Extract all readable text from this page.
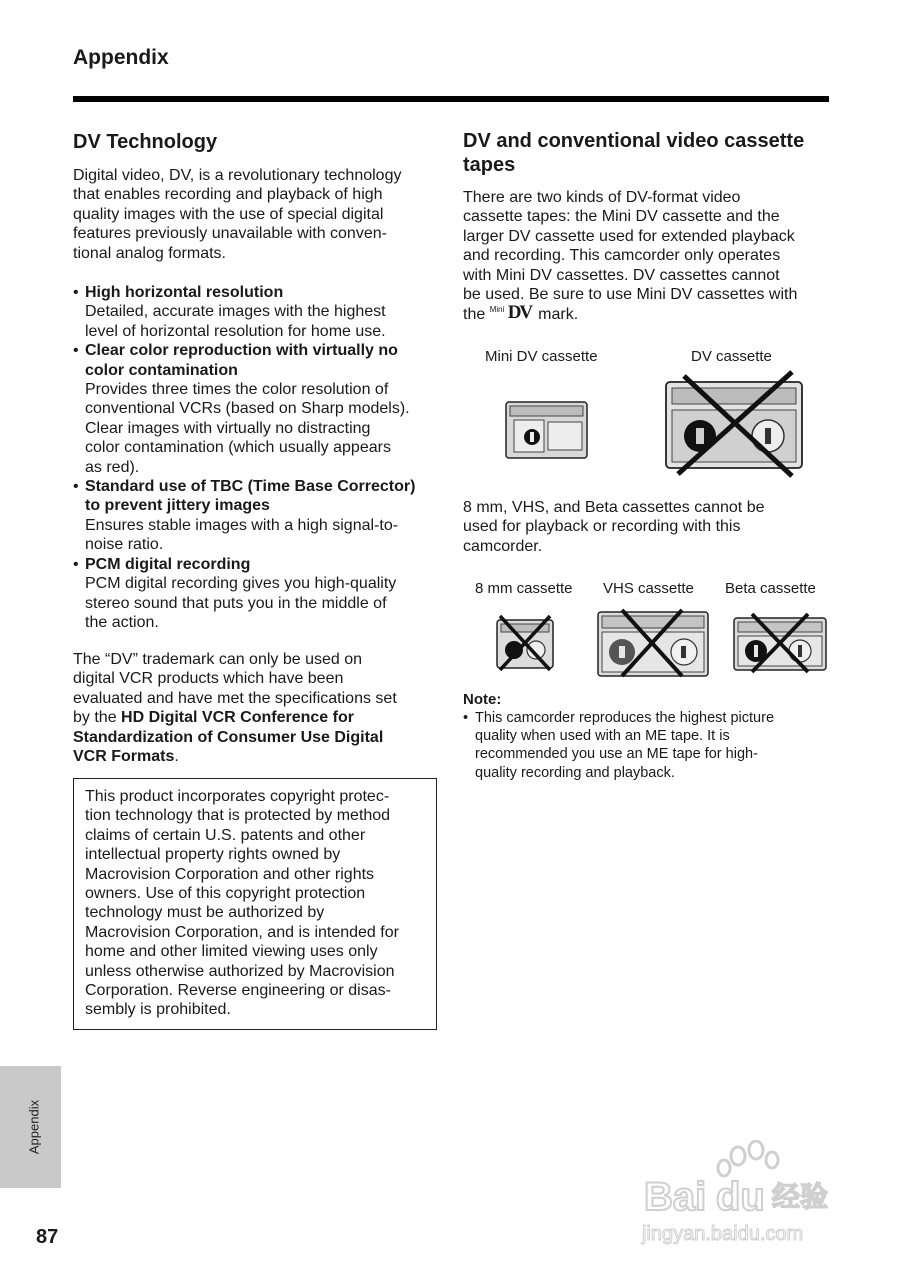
Appendix
DV Technology
Digital video, DV, is a revolutionary technology
that enables recording and playback of high
quality images with the use of special digital
features previously unavailable with conven-
tional analog formats.
• High horizontal resolution
Detailed, accurate images with the highest
level of horizontal resolution for home use.
• Clear color reproduction with virtually no
color contamination
Provides three times the color resolution of
conventional VCRs (based on Sharp models).
Clear images with virtually no distracting
color contamination (which usually appears
as red).
• Standard use of TBC (Time Base Corrector)
to prevent jittery images
Ensures stable images with a high signal-to-
noise ratio.
• PCM digital recording
PCM digital recording gives you high-quality
stereo sound that puts you in the middle of
the action.
The “DV” trademark can only be used on
digital VCR products which have been
evaluated and have met the specifications set
by the HD Digital VCR Conference for
Standardization of Consumer Use Digital
VCR Formats.
This product incorporates copyright protec-
tion technology that is protected by method
claims of certain U.S. patents and other
intellectual property rights owned by
Macrovision Corporation and other rights
owners. Use of this copyright protection
technology must be authorized by
Macrovision Corporation, and is intended for
home and other limited viewing uses only
unless otherwise authorized by Macrovision
Corporation. Reverse engineering or disas-
sembly is prohibited.
DV and conventional video cassette
tapes
There are two kinds of DV-format video
cassette tapes: the Mini DV cassette and the
larger DV cassette used for extended playback
and recording. This camcorder only operates
with Mini DV cassettes. DV cassettes cannot
be used. Be sure to use Mini DV cassettes with
the Mini DV mark.
Mini DV cassette	DV cassette
8 mm, VHS, and Beta cassettes cannot be
used for playback or recording with this
camcorder.
8 mm cassette VHS cassette Beta cassette
Note:
• This camcorder reproduces the highest picture
quality when used with an ME tape. It is
recommended you use an ME tape for high-
quality recording and playback.
Appendix
87
Bai du 经验
jingyan.baidu.com
